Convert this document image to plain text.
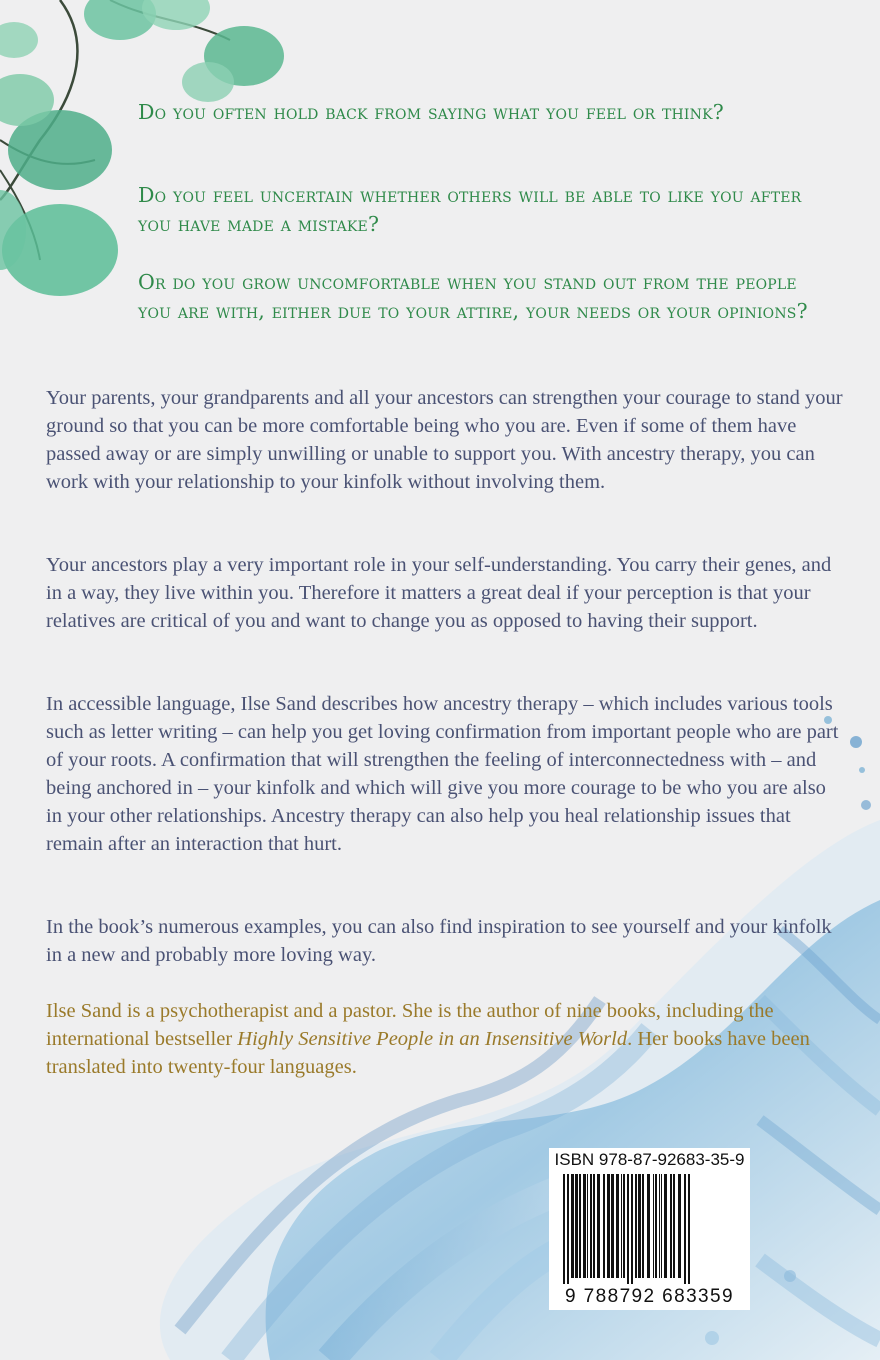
Do you often hold back from saying what you feel or think?

Do you feel uncertain whether others will be able to like you after you have made a mistake?

Or do you grow uncomfortable when you stand out from the people you are with, either due to your attire, your needs or your opinions?

Your parents, your grandparents and all your ancestors can strengthen your courage to stand your ground so that you can be more comfortable being who you are. Even if some of them have passed away or are simply unwilling or unable to support you. With ancestry therapy, you can work with your relationship to your kinfolk without involving them.

Your ancestors play a very important role in your self-understanding. You carry their genes, and in a way, they live within you. Therefore it matters a great deal if your perception is that your relatives are critical of you and want to change you as opposed to having their support.

In accessible language, Ilse Sand describes how ancestry therapy – which includes various tools such as letter writing – can help you get loving confirmation from important people who are part of your roots. A confirmation that will strengthen the feeling of interconnectedness with – and being anchored in – your kinfolk and which will give you more courage to be who you are also in your other relationships. Ancestry therapy can also help you heal relationship issues that remain after an interaction that hurt.

In the book’s numerous examples, you can also find inspiration to see yourself and your kinfolk in a new and probably more loving way.

Ilse Sand is a psychotherapist and a pastor. She is the author of nine books, including the international bestseller Highly Sensitive People in an Insensitive World. Her books have been translated into twenty-four languages.

ISBN 978-87-92683-35-9
9 788792 683359
